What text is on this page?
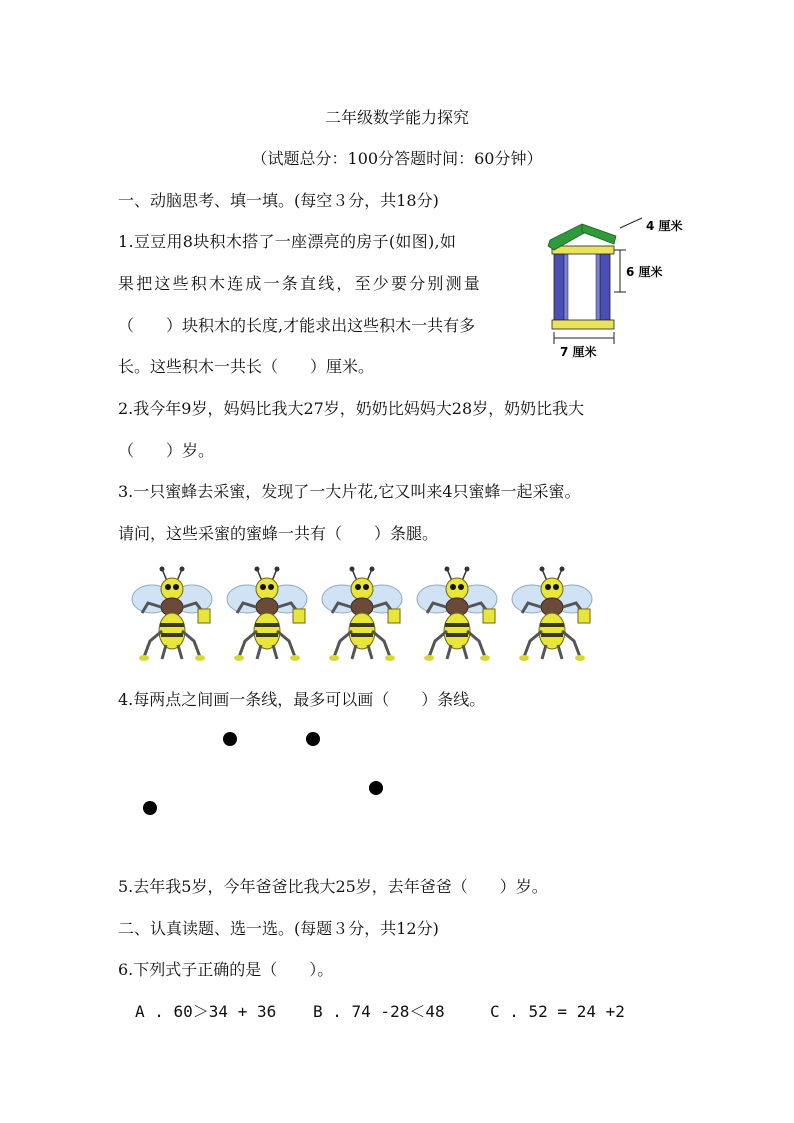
二年级数学能力探究
（试题总分：100分答题时间：60分钟）
一、动脑思考、填一填。(每空３分，共18分)
1.豆豆用8块积木搭了一座漂亮的房子(如图),如
果把这些积木连成一条直线，至少要分别测量
（　　）块积木的长度,才能求出这些积木一共有多
长。这些积木一共长（　　）厘米。
4 厘米
6 厘米
7 厘米
2.我今年9岁，妈妈比我大27岁，奶奶比妈妈大28岁，奶奶比我大
（　　）岁。
3.一只蜜蜂去采蜜，发现了一大片花,它又叫来4只蜜蜂一起采蜜。
请问，这些采蜜的蜜蜂一共有（　　）条腿。
4.每两点之间画一条线，最多可以画（　　）条线。
5.去年我5岁，今年爸爸比我大25岁，去年爸爸（　　）岁。
二、认真读题、选一选。(每题３分，共12分)
6.下列式子正确的是（　　）。
A . 60＞34 + 36 B . 74 -28＜48	C . 52 = 24 +2
